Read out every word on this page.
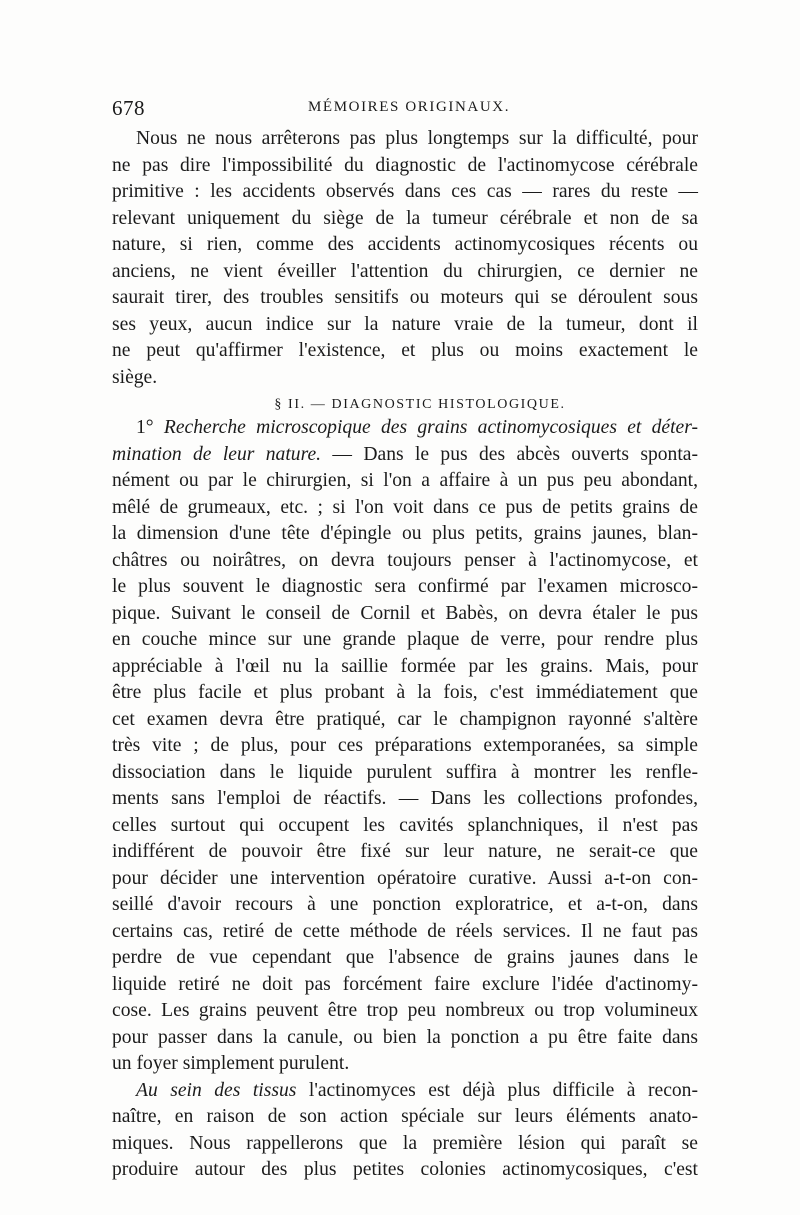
678	MÉMOIRES ORIGINAUX.
Nous ne nous arrêterons pas plus longtemps sur la difficulté, pour
ne pas dire l'impossibilité du diagnostic de l'actinomycose cérébrale
primitive : les accidents observés dans ces cas — rares du reste —
relevant uniquement du siège de la tumeur cérébrale et non de sa
nature, si rien, comme des accidents actinomycosiques récents ou
anciens, ne vient éveiller l'attention du chirurgien, ce dernier ne
saurait tirer, des troubles sensitifs ou moteurs qui se déroulent sous
ses yeux, aucun indice sur la nature vraie de la tumeur, dont il
ne peut qu'affirmer l'existence, et plus ou moins exactement le
siège.
§ II. — DIAGNOSTIC HISTOLOGIQUE.
1° Recherche microscopique des grains actinomycosiques et déter-
mination de leur nature. — Dans le pus des abcès ouverts sponta-
nément ou par le chirurgien, si l'on a affaire à un pus peu abondant,
mêlé de grumeaux, etc. ; si l'on voit dans ce pus de petits grains de
la dimension d'une tête d'épingle ou plus petits, grains jaunes, blan-
châtres ou noirâtres, on devra toujours penser à l'actinomycose, et
le plus souvent le diagnostic sera confirmé par l'examen microsco-
pique. Suivant le conseil de Cornil et Babès, on devra étaler le pus
en couche mince sur une grande plaque de verre, pour rendre plus
appréciable à l'œil nu la saillie formée par les grains. Mais, pour
être plus facile et plus probant à la fois, c'est immédiatement que
cet examen devra être pratiqué, car le champignon rayonné s'altère
très vite ; de plus, pour ces préparations extemporanées, sa simple
dissociation dans le liquide purulent suffira à montrer les renfle-
ments sans l'emploi de réactifs. — Dans les collections profondes,
celles surtout qui occupent les cavités splanchniques, il n'est pas
indifférent de pouvoir être fixé sur leur nature, ne serait-ce que
pour décider une intervention opératoire curative. Aussi a-t-on con-
seillé d'avoir recours à une ponction exploratrice, et a-t-on, dans
certains cas, retiré de cette méthode de réels services. Il ne faut pas
perdre de vue cependant que l'absence de grains jaunes dans le
liquide retiré ne doit pas forcément faire exclure l'idée d'actinomy-
cose. Les grains peuvent être trop peu nombreux ou trop volumineux
pour passer dans la canule, ou bien la ponction a pu être faite dans
un foyer simplement purulent.
Au sein des tissus l'actinomyces est déjà plus difficile à recon-
naître, en raison de son action spéciale sur leurs éléments anato-
miques. Nous rappellerons que la première lésion qui paraît se
produire autour des plus petites colonies actinomycosiques, c'est
